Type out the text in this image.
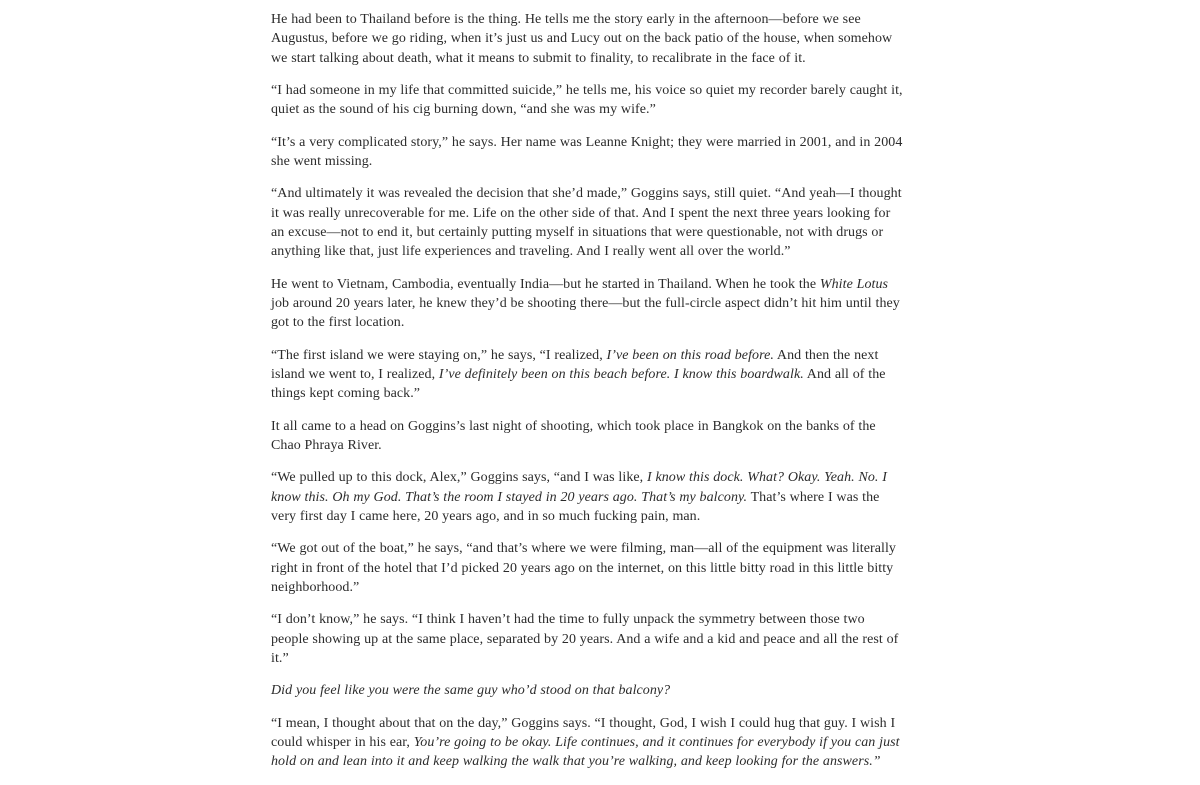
He had been to Thailand before is the thing. He tells me the story early in the afternoon—before we see Augustus, before we go riding, when it’s just us and Lucy out on the back patio of the house, when somehow we start talking about death, what it means to submit to finality, to recalibrate in the face of it.

“I had someone in my life that committed suicide,” he tells me, his voice so quiet my recorder barely caught it, quiet as the sound of his cig burning down, “and she was my wife.”

“It’s a very complicated story,” he says. Her name was Leanne Knight; they were married in 2001, and in 2004 she went missing.

“And ultimately it was revealed the decision that she’d made,” Goggins says, still quiet. “And yeah—I thought it was really unrecoverable for me. Life on the other side of that. And I spent the next three years looking for an excuse—not to end it, but certainly putting myself in situations that were questionable, not with drugs or anything like that, just life experiences and traveling. And I really went all over the world.”

He went to Vietnam, Cambodia, eventually India—but he started in Thailand. When he took the White Lotus job around 20 years later, he knew they’d be shooting there—but the full-circle aspect didn’t hit him until they got to the first location.

“The first island we were staying on,” he says, “I realized, I’ve been on this road before. And then the next island we went to, I realized, I’ve definitely been on this beach before. I know this boardwalk. And all of the things kept coming back.”

It all came to a head on Goggins’s last night of shooting, which took place in Bangkok on the banks of the Chao Phraya River.

“We pulled up to this dock, Alex,” Goggins says, “and I was like, I know this dock. What? Okay. Yeah. No. I know this. Oh my God. That’s the room I stayed in 20 years ago. That’s my balcony. That’s where I was the very first day I came here, 20 years ago, and in so much fucking pain, man.

“We got out of the boat,” he says, “and that’s where we were filming, man—all of the equipment was literally right in front of the hotel that I’d picked 20 years ago on the internet, on this little bitty road in this little bitty neighborhood.”

“I don’t know,” he says. “I think I haven’t had the time to fully unpack the symmetry between those two people showing up at the same place, separated by 20 years. And a wife and a kid and peace and all the rest of it.”

Did you feel like you were the same guy who’d stood on that balcony?

“I mean, I thought about that on the day,” Goggins says. “I thought, God, I wish I could hug that guy. I wish I could whisper in his ear, You’re going to be okay. Life continues, and it continues for everybody if you can just hold on and lean into it and keep walking the walk that you’re walking, and keep looking for the answers.”
